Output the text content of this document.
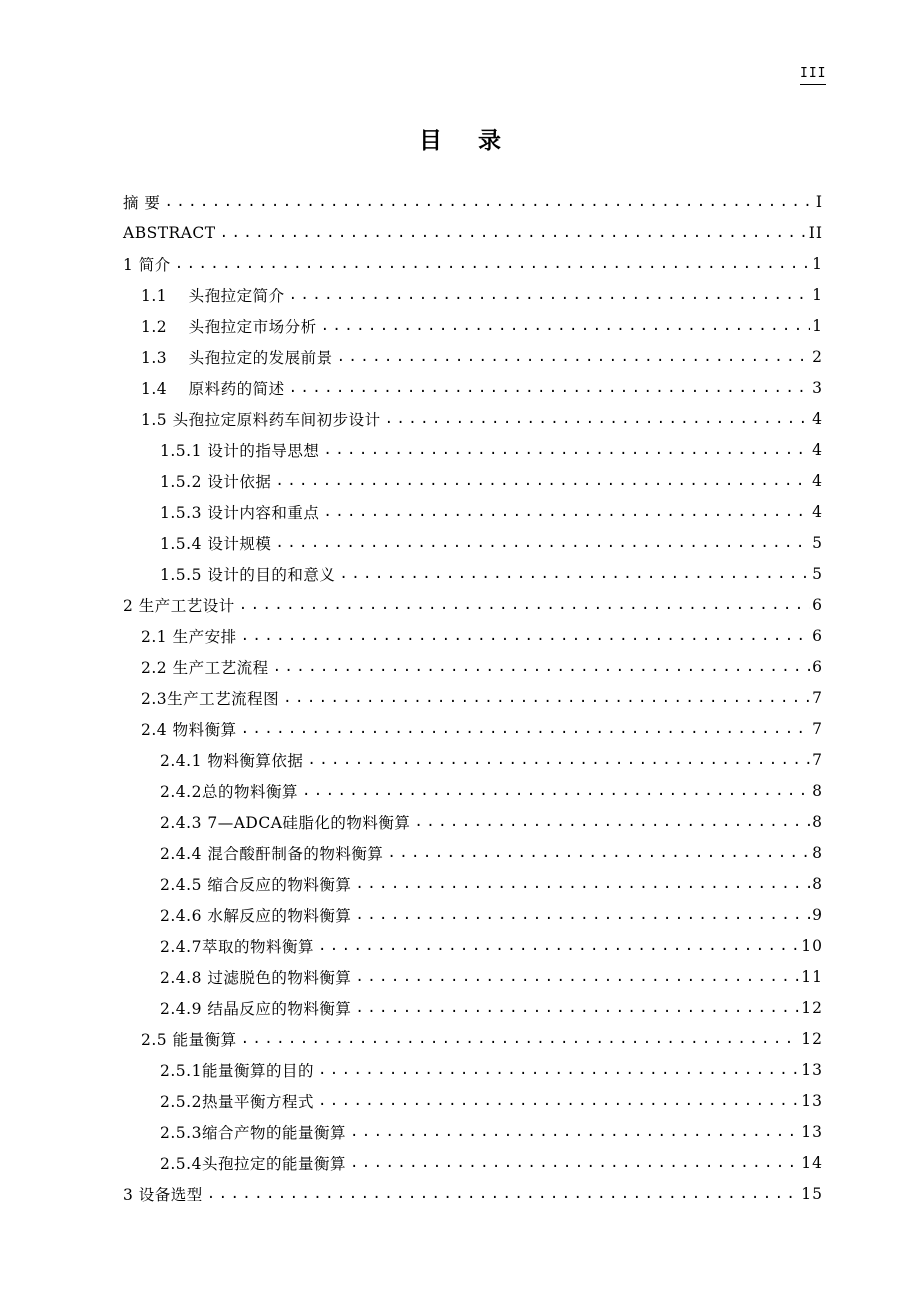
III
目 录
摘 要 .....	I
ABSTRACT .....	II
1 简介 .....	1
1.1　 头孢拉定简介 .....	1
1.2　 头孢拉定市场分析 .....	1
1.3　 头孢拉定的发展前景 .....	2
1.4　 原料药的简述 .....	3
1.5 头孢拉定原料药车间初步设计 .....	4
1.5.1 设计的指导思想 .....	4
1.5.2 设计依据 .....	4
1.5.3 设计内容和重点 .....	4
1.5.4 设计规模 .....	5
1.5.5 设计的目的和意义 .....	5
2 生产工艺设计 .....	6
2.1 生产安排 .....	6
2.2 生产工艺流程 .....	6
2.3生产工艺流程图 .....	7
2.4 物料衡算 .....	7
2.4.1 物料衡算依据 .....	7
2.4.2总的物料衡算 .....	8
2.4.3 7—ADCA硅脂化的物料衡算 .....	8
2.4.4 混合酸酐制备的物料衡算 .....	8
2.4.5 缩合反应的物料衡算 .....	8
2.4.6 水解反应的物料衡算 .....	9
2.4.7萃取的物料衡算 .....	10
2.4.8 过滤脱色的物料衡算 .....	11
2.4.9 结晶反应的物料衡算 .....	12
2.5 能量衡算 .....	12
2.5.1能量衡算的目的 .....	13
2.5.2热量平衡方程式 .....	13
2.5.3缩合产物的能量衡算 .....	13
2.5.4头孢拉定的能量衡算 .....	14
3 设备选型 .....	15
